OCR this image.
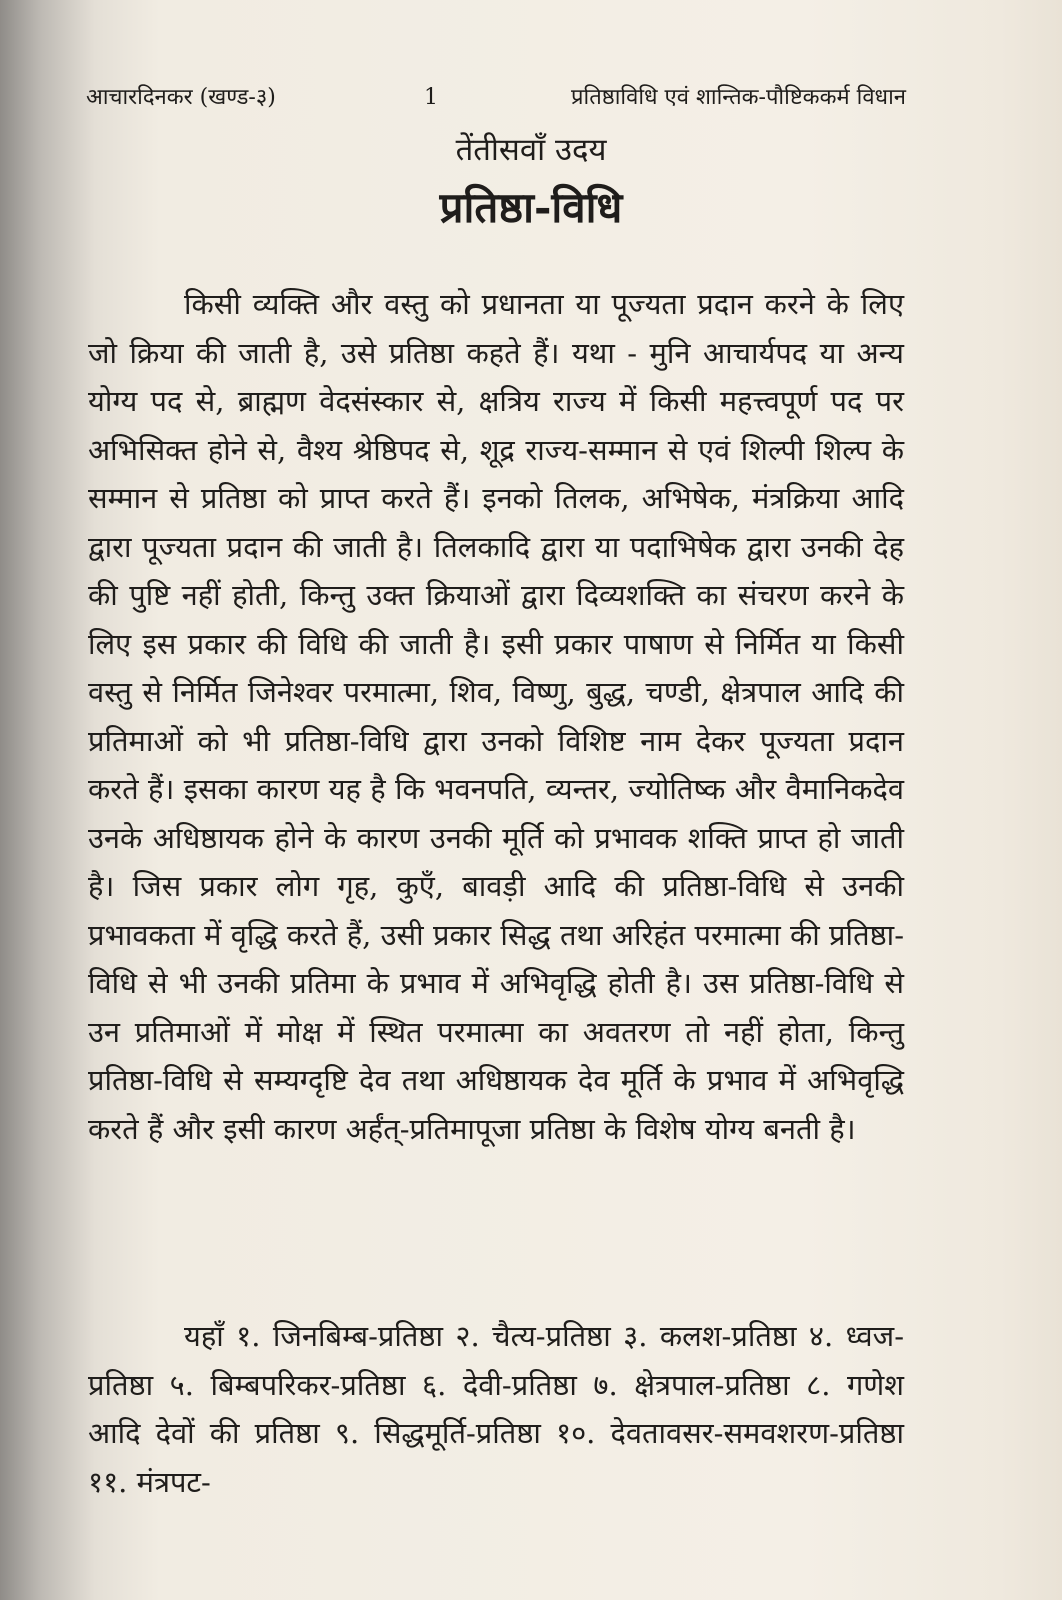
आचारदिनकर (खण्ड-३)	1	प्रतिष्ठाविधि एवं शान्तिक-पौष्टिककर्म विधान
तेंतीसवाँ उदय
प्रतिष्ठा-विधि

किसी व्यक्ति और वस्तु को प्रधानता या पूज्यता प्रदान करने के लिए जो क्रिया की जाती है, उसे प्रतिष्ठा कहते हैं। यथा - मुनि आचार्यपद या अन्य योग्य पद से, ब्राह्मण वेदसंस्कार से, क्षत्रिय राज्य में किसी महत्त्वपूर्ण पद पर अभिसिक्त होने से, वैश्य श्रेष्ठिपद से, शूद्र राज्य-सम्मान से एवं शिल्पी शिल्प के सम्मान से प्रतिष्ठा को प्राप्त करते हैं। इनको तिलक, अभिषेक, मंत्रक्रिया आदि द्वारा पूज्यता प्रदान की जाती है। तिलकादि द्वारा या पदाभिषेक द्वारा उनकी देह की पुष्टि नहीं होती, किन्तु उक्त क्रियाओं द्वारा दिव्यशक्ति का संचरण करने के लिए इस प्रकार की विधि की जाती है। इसी प्रकार पाषाण से निर्मित या किसी वस्तु से निर्मित जिनेश्वर परमात्मा, शिव, विष्णु, बुद्ध, चण्डी, क्षेत्रपाल आदि की प्रतिमाओं को भी प्रतिष्ठा-विधि द्वारा उनको विशिष्ट नाम देकर पूज्यता प्रदान करते हैं। इसका कारण यह है कि भवनपति, व्यन्तर, ज्योतिष्क और वैमानिकदेव उनके अधिष्ठायक होने के कारण उनकी मूर्ति को प्रभावक शक्ति प्राप्त हो जाती है। जिस प्रकार लोग गृह, कुएँ, बावड़ी आदि की प्रतिष्ठा-विधि से उनकी प्रभावकता में वृद्धि करते हैं, उसी प्रकार सिद्ध तथा अरिहंत परमात्मा की प्रतिष्ठा-विधि से भी उनकी प्रतिमा के प्रभाव में अभिवृद्धि होती है। उस प्रतिष्ठा-विधि से उन प्रतिमाओं में मोक्ष में स्थित परमात्मा का अवतरण तो नहीं होता, किन्तु प्रतिष्ठा-विधि से सम्यग्दृष्टि देव तथा अधिष्ठायक देव मूर्ति के प्रभाव में अभिवृद्धि करते हैं और इसी कारण अर्हंत्-प्रतिमापूजा प्रतिष्ठा के विशेष योग्य बनती है।

यहाँ १. जिनबिम्ब-प्रतिष्ठा २. चैत्य-प्रतिष्ठा ३. कलश-प्रतिष्ठा ४. ध्वज-प्रतिष्ठा ५. बिम्बपरिकर-प्रतिष्ठा ६. देवी-प्रतिष्ठा ७. क्षेत्रपाल-प्रतिष्ठा ८. गणेश आदि देवों की प्रतिष्ठा ९. सिद्धमूर्ति-प्रतिष्ठा १०. देवतावसर-समवशरण-प्रतिष्ठा ११. मंत्रपट-
